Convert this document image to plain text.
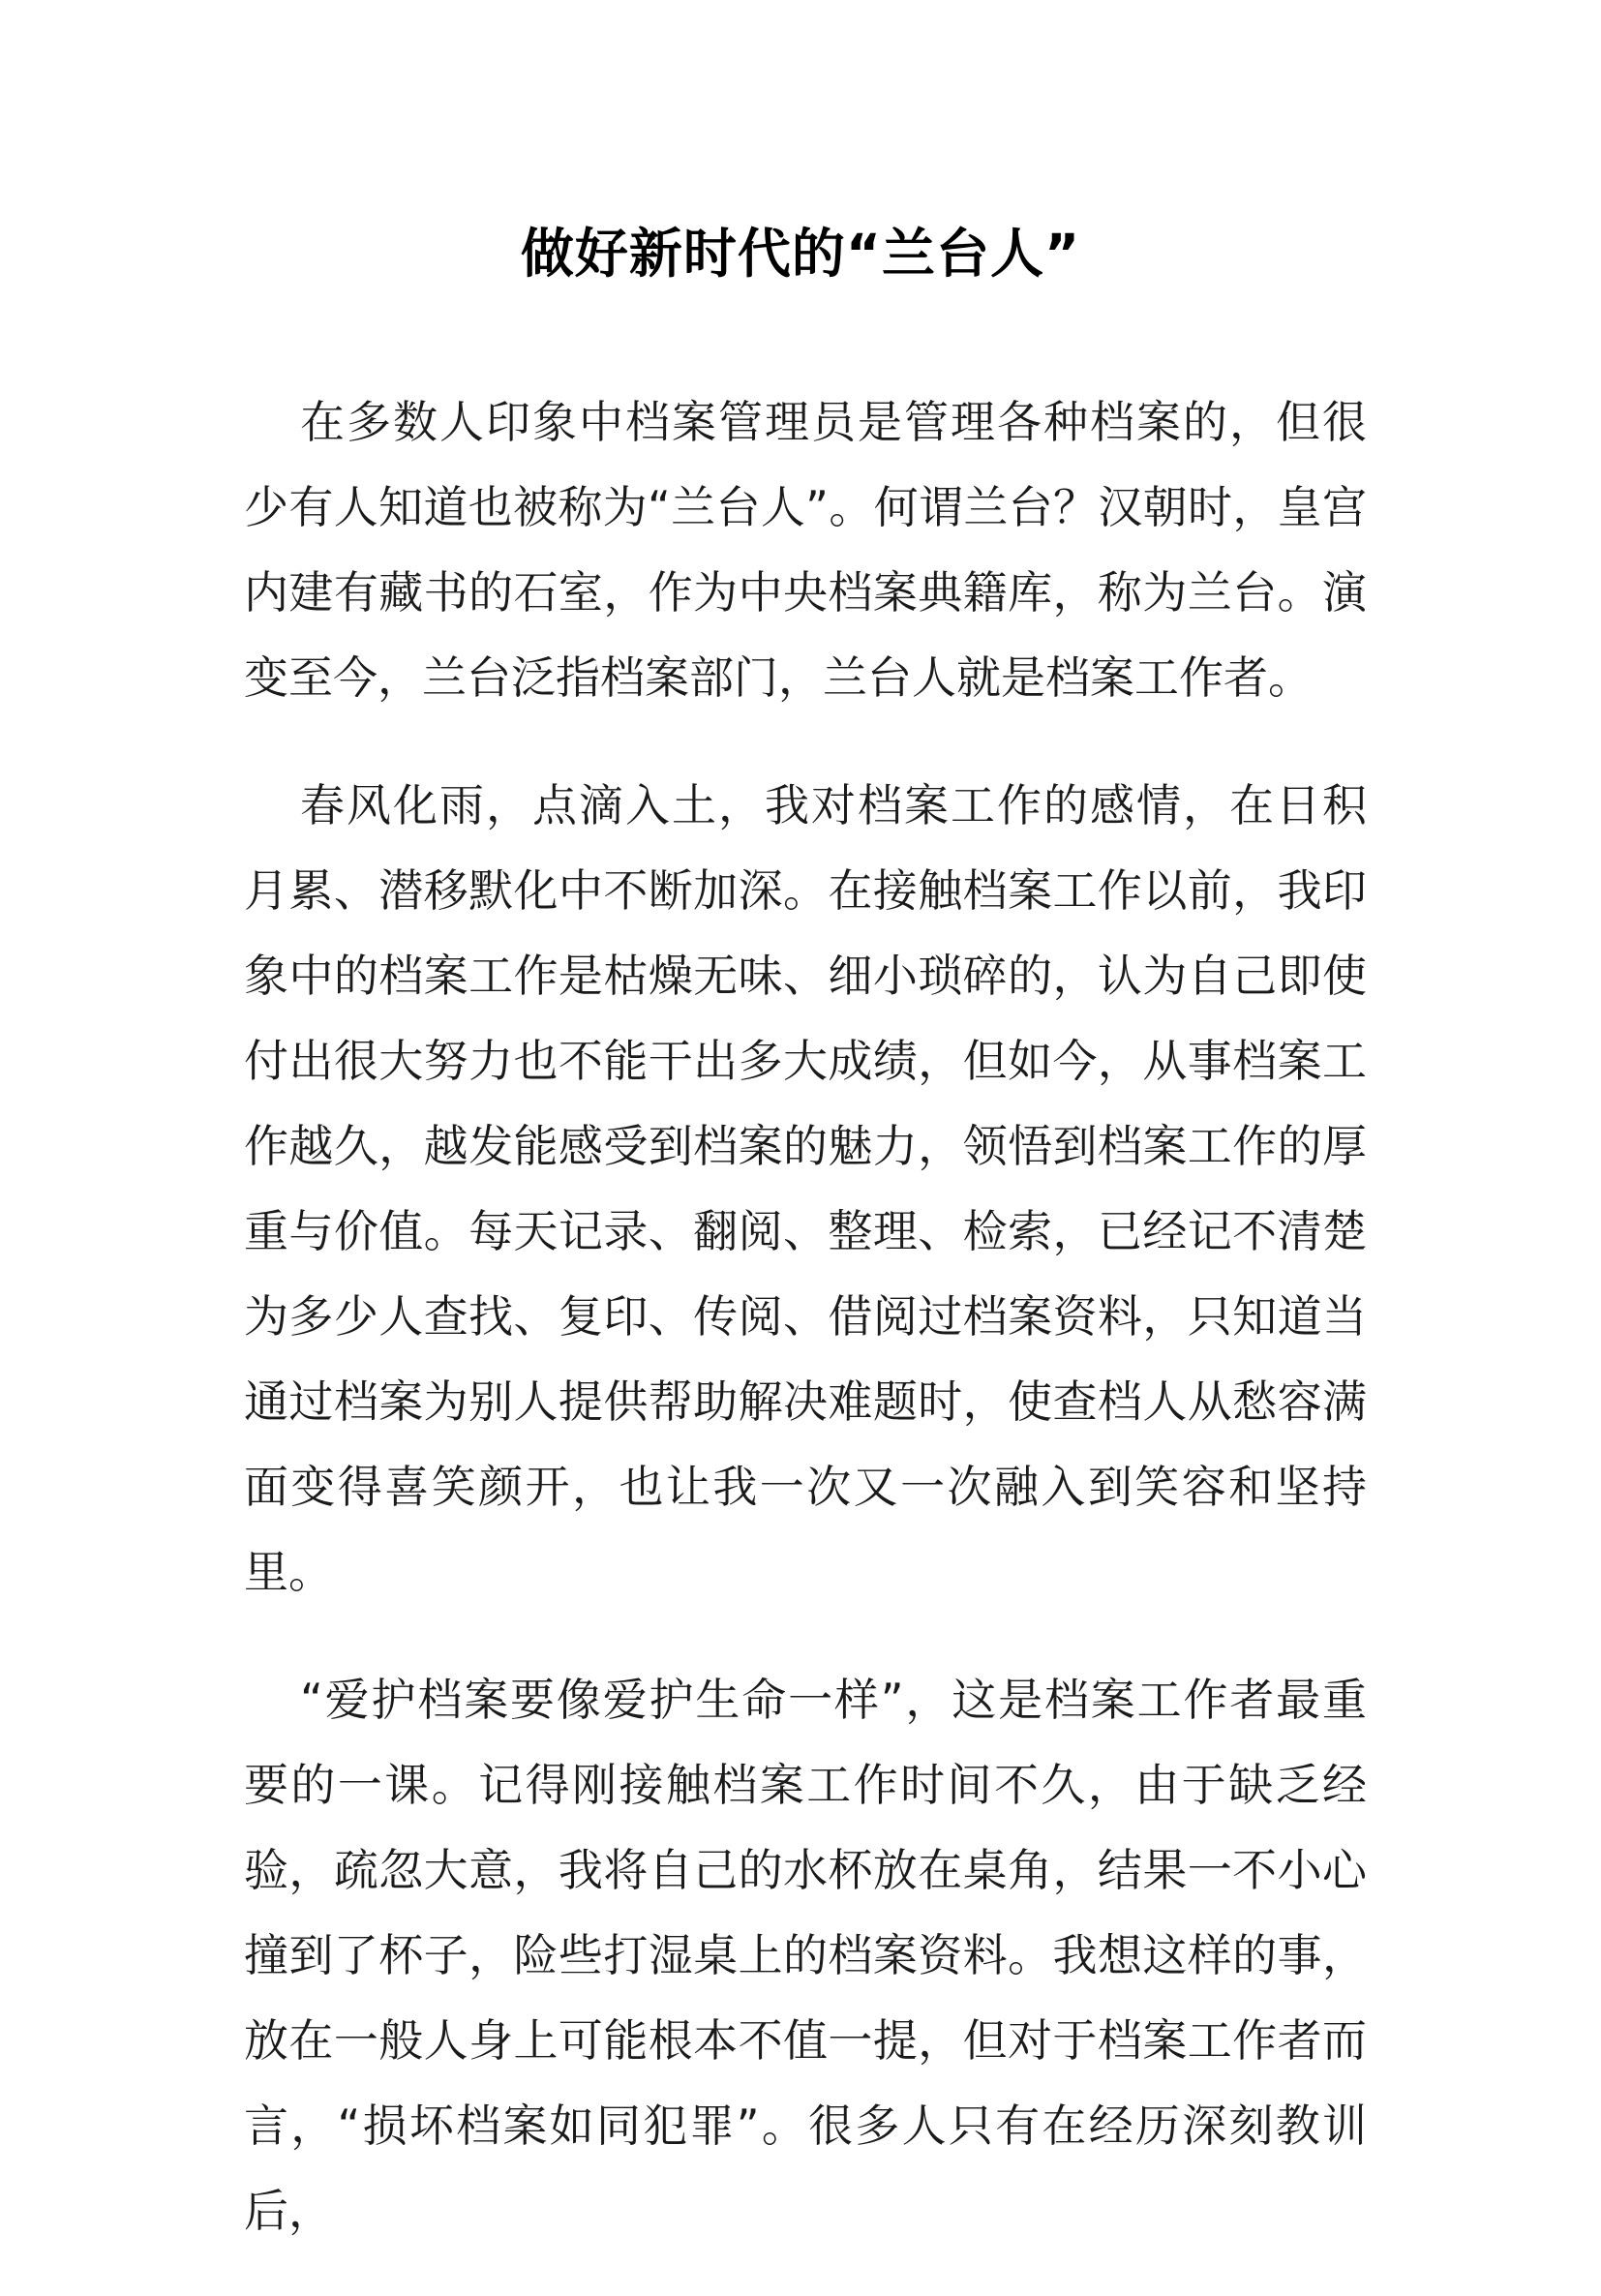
做好新时代的“兰台人”

在多数人印象中档案管理员是管理各种档案的，但很少有人知道也被称为“兰台人”。何谓兰台？汉朝时，皇宫内建有藏书的石室，作为中央档案典籍库，称为兰台。演变至今，兰台泛指档案部门，兰台人就是档案工作者。

春风化雨，点滴入土，我对档案工作的感情，在日积月累、潜移默化中不断加深。在接触档案工作以前，我印象中的档案工作是枯燥无味、细小琐碎的，认为自己即使付出很大努力也不能干出多大成绩，但如今，从事档案工作越久，越发能感受到档案的魅力，领悟到档案工作的厚重与价值。每天记录、翻阅、整理、检索，已经记不清楚为多少人查找、复印、传阅、借阅过档案资料，只知道当通过档案为别人提供帮助解决难题时，使查档人从愁容满面变得喜笑颜开，也让我一次又一次融入到笑容和坚持里。

“爱护档案要像爱护生命一样”，这是档案工作者最重要的一课。记得刚接触档案工作时间不久，由于缺乏经验，疏忽大意，我将自己的水杯放在桌角，结果一不小心撞到了杯子，险些打湿桌上的档案资料。我想这样的事，放在一般人身上可能根本不值一提，但对于档案工作者而言，“损坏档案如同犯罪”。很多人只有在经历深刻教训后，
